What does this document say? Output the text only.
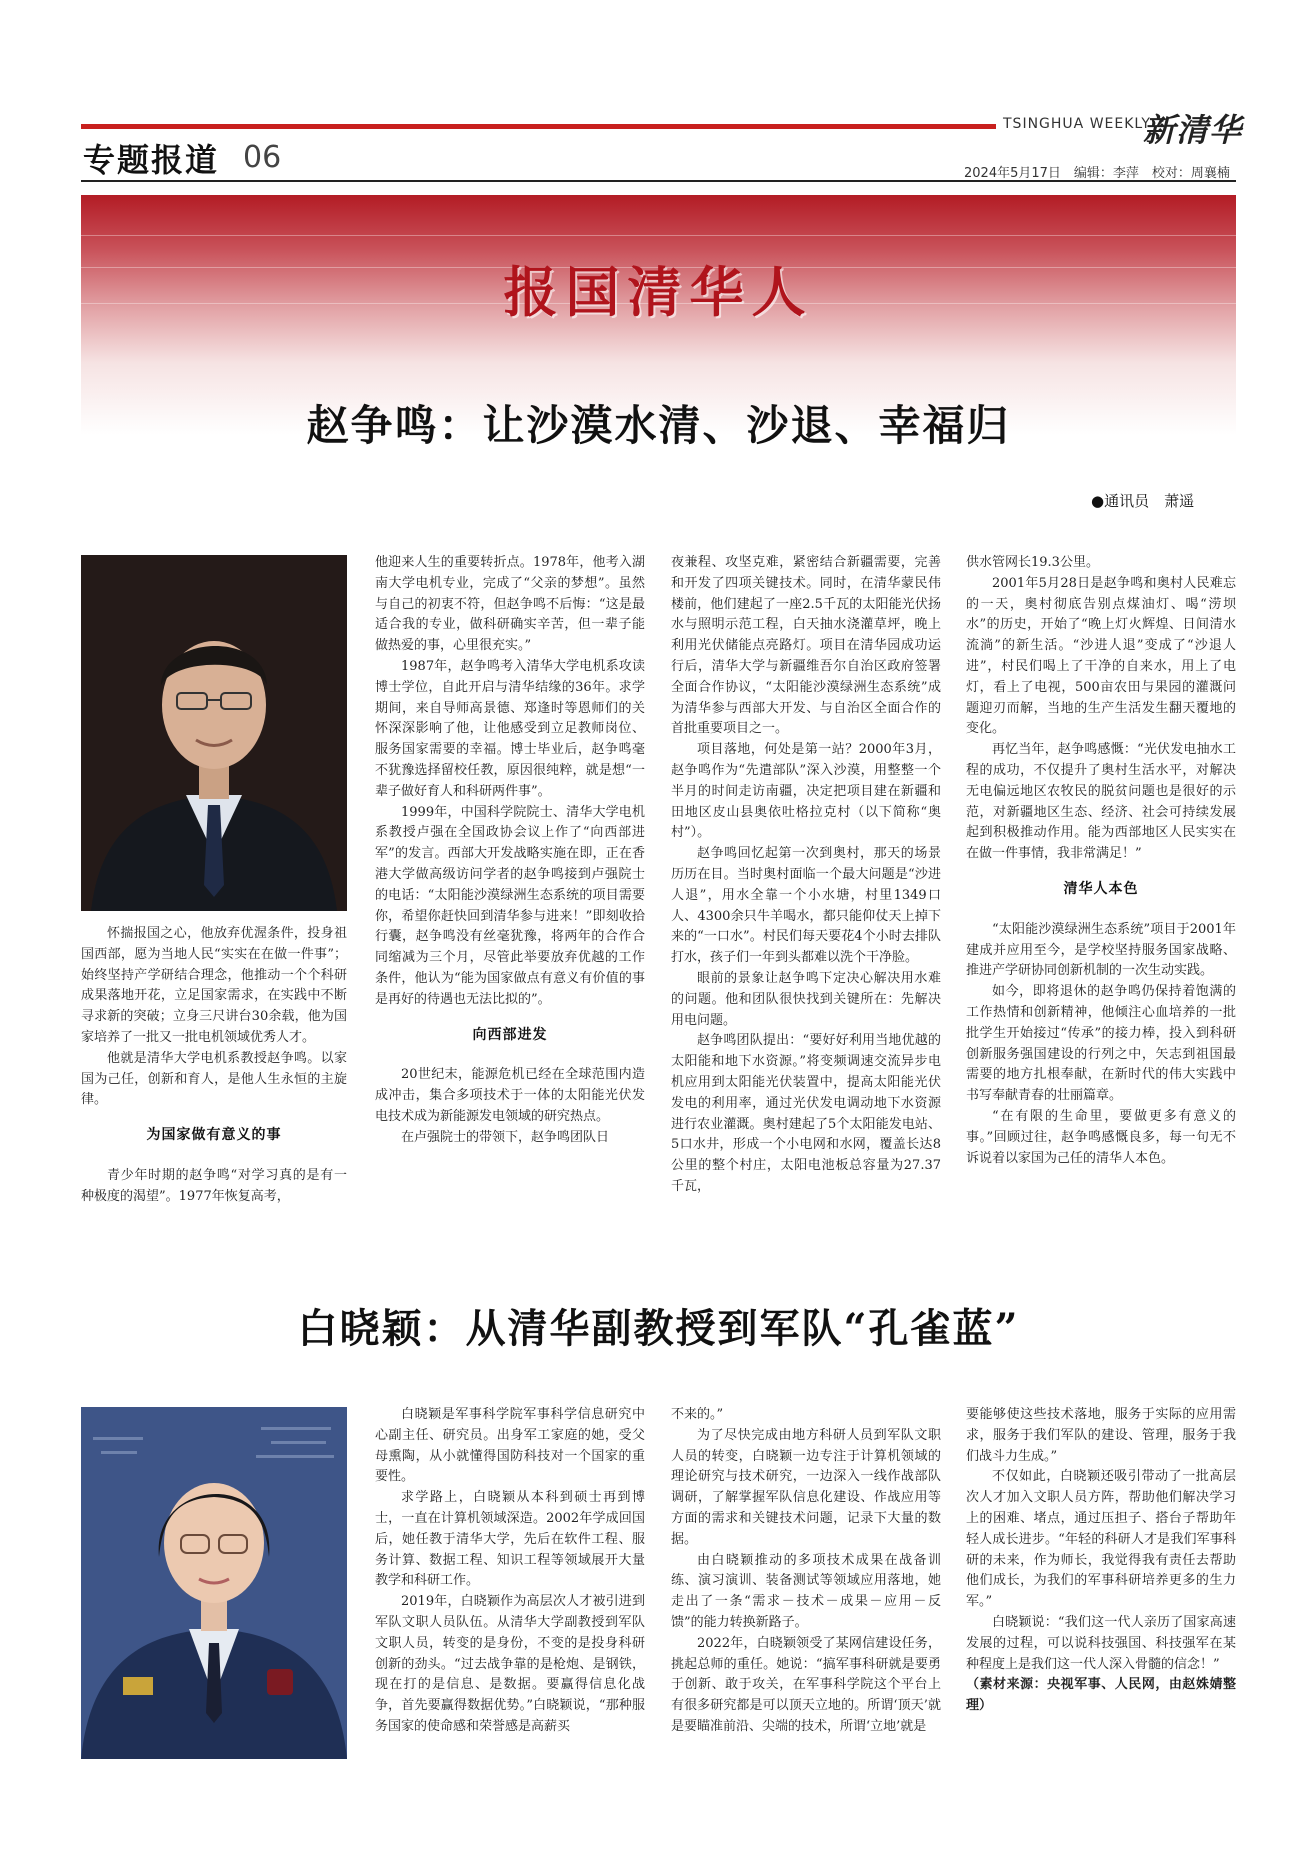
专题报道 06
TSINGHUA WEEKLY
新清华
2024年5月17日　编辑：李萍　校对：周襄楠
报国清华人
赵争鸣：让沙漠水清、沙退、幸福归
●通讯员　萧遥

怀揣报国之心，他放弃优渥条件，投身祖国西部，愿为当地人民“实实在在做一件事”；始终坚持产学研结合理念，他推动一个个科研成果落地开花，立足国家需求，在实践中不断寻求新的突破；立身三尺讲台30余载，他为国家培养了一批又一批电机领域优秀人才。

他就是清华大学电机系教授赵争鸣。以家国为己任，创新和育人，是他人生永恒的主旋律。

为国家做有意义的事

青少年时期的赵争鸣“对学习真的是有一种极度的渴望”。1977年恢复高考，

他迎来人生的重要转折点。1978年，他考入湖南大学电机专业，完成了“父亲的梦想”。虽然与自己的初衷不符，但赵争鸣不后悔：“这是最适合我的专业，做科研确实辛苦，但一辈子能做热爱的事，心里很充实。”

1987年，赵争鸣考入清华大学电机系攻读博士学位，自此开启与清华结缘的36年。求学期间，来自导师高景德、郑逢时等恩师们的关怀深深影响了他，让他感受到立足教师岗位、服务国家需要的幸福。博士毕业后，赵争鸣毫不犹豫选择留校任教，原因很纯粹，就是想“一辈子做好育人和科研两件事”。

1999年，中国科学院院士、清华大学电机系教授卢强在全国政协会议上作了“向西部进军”的发言。西部大开发战略实施在即，正在香港大学做高级访问学者的赵争鸣接到卢强院士的电话：“太阳能沙漠绿洲生态系统的项目需要你，希望你赶快回到清华参与进来！”即刻收拾行囊，赵争鸣没有丝毫犹豫，将两年的合作合同缩减为三个月，尽管此举要放弃优越的工作条件，他认为“能为国家做点有意义有价值的事是再好的待遇也无法比拟的”。

向西部进发

20世纪末，能源危机已经在全球范围内造成冲击，集合多项技术于一体的太阳能光伏发电技术成为新能源发电领域的研究热点。

在卢强院士的带领下，赵争鸣团队日

夜兼程、攻坚克难，紧密结合新疆需要，完善和开发了四项关键技术。同时，在清华蒙民伟楼前，他们建起了一座2.5千瓦的太阳能光伏扬水与照明示范工程，白天抽水浇灌草坪，晚上利用光伏储能点亮路灯。项目在清华园成功运行后，清华大学与新疆维吾尔自治区政府签署全面合作协议，“太阳能沙漠绿洲生态系统”成为清华参与西部大开发、与自治区全面合作的首批重要项目之一。

项目落地，何处是第一站？2000年3月，赵争鸣作为“先遣部队”深入沙漠，用整整一个半月的时间走访南疆，决定把项目建在新疆和田地区皮山县奥依吐格拉克村（以下简称“奥村”）。

赵争鸣回忆起第一次到奥村，那天的场景历历在目。当时奥村面临一个最大问题是“沙进人退”，用水全靠一个小水塘，村里1349口人、4300余只牛羊喝水，都只能仰仗天上掉下来的“一口水”。村民们每天要花4个小时去排队打水，孩子们一年到头都难以洗个干净脸。

眼前的景象让赵争鸣下定决心解决用水难的问题。他和团队很快找到关键所在：先解决用电问题。

赵争鸣团队提出：“要好好利用当地优越的太阳能和地下水资源。”将变频调速交流异步电机应用到太阳能光伏装置中，提高太阳能光伏发电的利用率，通过光伏发电调动地下水资源进行农业灌溉。奥村建起了5个太阳能发电站、5口水井，形成一个小电网和水网，覆盖长达8公里的整个村庄，太阳电池板总容量为27.37千瓦，

供水管网长19.3公里。

2001年5月28日是赵争鸣和奥村人民难忘的一天，奥村彻底告别点煤油灯、喝“涝坝水”的历史，开始了“晚上灯火辉煌、日间清水流淌”的新生活。“沙进人退”变成了“沙退人进”，村民们喝上了干净的自来水，用上了电灯，看上了电视，500亩农田与果园的灌溉问题迎刃而解，当地的生产生活发生翻天覆地的变化。

再忆当年，赵争鸣感慨：“光伏发电抽水工程的成功，不仅提升了奥村生活水平，对解决无电偏远地区农牧民的脱贫问题也是很好的示范，对新疆地区生态、经济、社会可持续发展起到积极推动作用。能为西部地区人民实实在在做一件事情，我非常满足！”

清华人本色

“太阳能沙漠绿洲生态系统”项目于2001年建成并应用至今，是学校坚持服务国家战略、推进产学研协同创新机制的一次生动实践。

如今，即将退休的赵争鸣仍保持着饱满的工作热情和创新精神，他倾注心血培养的一批批学生开始接过“传承”的接力棒，投入到科研创新服务强国建设的行列之中，矢志到祖国最需要的地方扎根奉献，在新时代的伟大实践中书写奉献青春的壮丽篇章。

“在有限的生命里，要做更多有意义的事。”回顾过往，赵争鸣感慨良多，每一句无不诉说着以家国为己任的清华人本色。

白晓颖：从清华副教授到军队“孔雀蓝”

白晓颖是军事科学院军事科学信息研究中心副主任、研究员。出身军工家庭的她，受父母熏陶，从小就懂得国防科技对一个国家的重要性。

求学路上，白晓颖从本科到硕士再到博士，一直在计算机领域深造。2002年学成回国后，她任教于清华大学，先后在软件工程、服务计算、数据工程、知识工程等领域展开大量教学和科研工作。

2019年，白晓颖作为高层次人才被引进到军队文职人员队伍。从清华大学副教授到军队文职人员，转变的是身份，不变的是投身科研创新的劲头。“过去战争靠的是枪炮、是钢铁，现在打的是信息、是数据。要赢得信息化战争，首先要赢得数据优势。”白晓颖说，“那种服务国家的使命感和荣誉感是高薪买

不来的。”

为了尽快完成由地方科研人员到军队文职人员的转变，白晓颖一边专注于计算机领域的理论研究与技术研究，一边深入一线作战部队调研，了解掌握军队信息化建设、作战应用等方面的需求和关键技术问题，记录下大量的数据。

由白晓颖推动的多项技术成果在战备训练、演习演训、装备测试等领域应用落地，她走出了一条“需求－技术－成果－应用－反馈”的能力转换新路子。

2022年，白晓颖领受了某网信建设任务，挑起总师的重任。她说：“搞军事科研就是要勇于创新、敢于攻关，在军事科学院这个平台上有很多研究都是可以顶天立地的。所谓‘顶天’就是要瞄准前沿、尖端的技术，所谓‘立地’就是

要能够使这些技术落地，服务于实际的应用需求，服务于我们军队的建设、管理，服务于我们战斗力生成。”

不仅如此，白晓颖还吸引带动了一批高层次人才加入文职人员方阵，帮助他们解决学习上的困难、堵点，通过压担子、搭台子帮助年轻人成长进步。“年轻的科研人才是我们军事科研的未来，作为师长，我觉得我有责任去帮助他们成长，为我们的军事科研培养更多的生力军。”

白晓颖说：“我们这一代人亲历了国家高速发展的过程，可以说科技强国、科技强军在某种程度上是我们这一代人深入骨髓的信念！”

（素材来源：央视军事、人民网，由赵姝婧整理）
